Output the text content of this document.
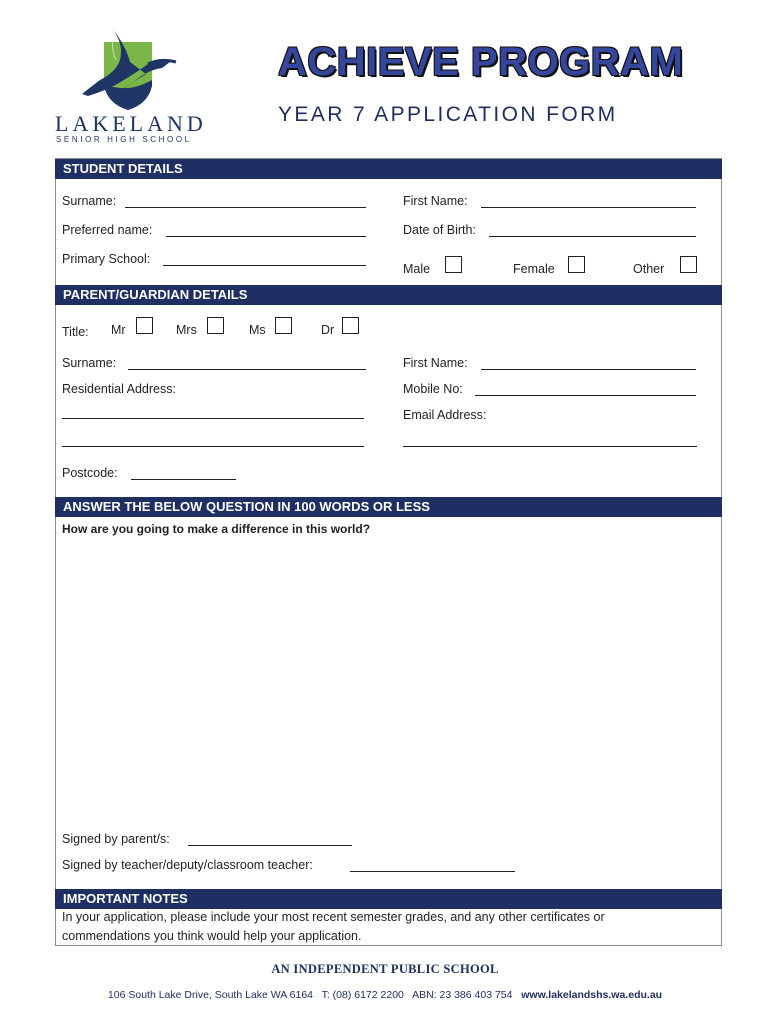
LAKELAND
SENIOR HIGH SCHOOL
ACHIEVE PROGRAM
YEAR 7 APPLICATION FORM
STUDENT DETAILS
Surname:	First Name:
Preferred name:	Date of Birth:
Primary School:
Male	Female	Other
PARENT/GUARDIAN DETAILS
Title: Mr	Mrs	Ms	Dr
Surname:	First Name:
Residential Address:	Mobile No:
Email Address:
Postcode:
ANSWER THE BELOW QUESTION IN 100 WORDS OR LESS
How are you going to make a difference in this world?
Signed by parent/s:
Signed by teacher/deputy/classroom teacher:
IMPORTANT NOTES
In your application, please include your most recent semester grades, and any other certificates or
commendations you think would help your application.
AN INDEPENDENT PUBLIC SCHOOL
106 South Lake Drive, South Lake WA 6164 T: (08) 6172 2200 ABN: 23 386 403 754 www.lakelandshs.wa.edu.au
